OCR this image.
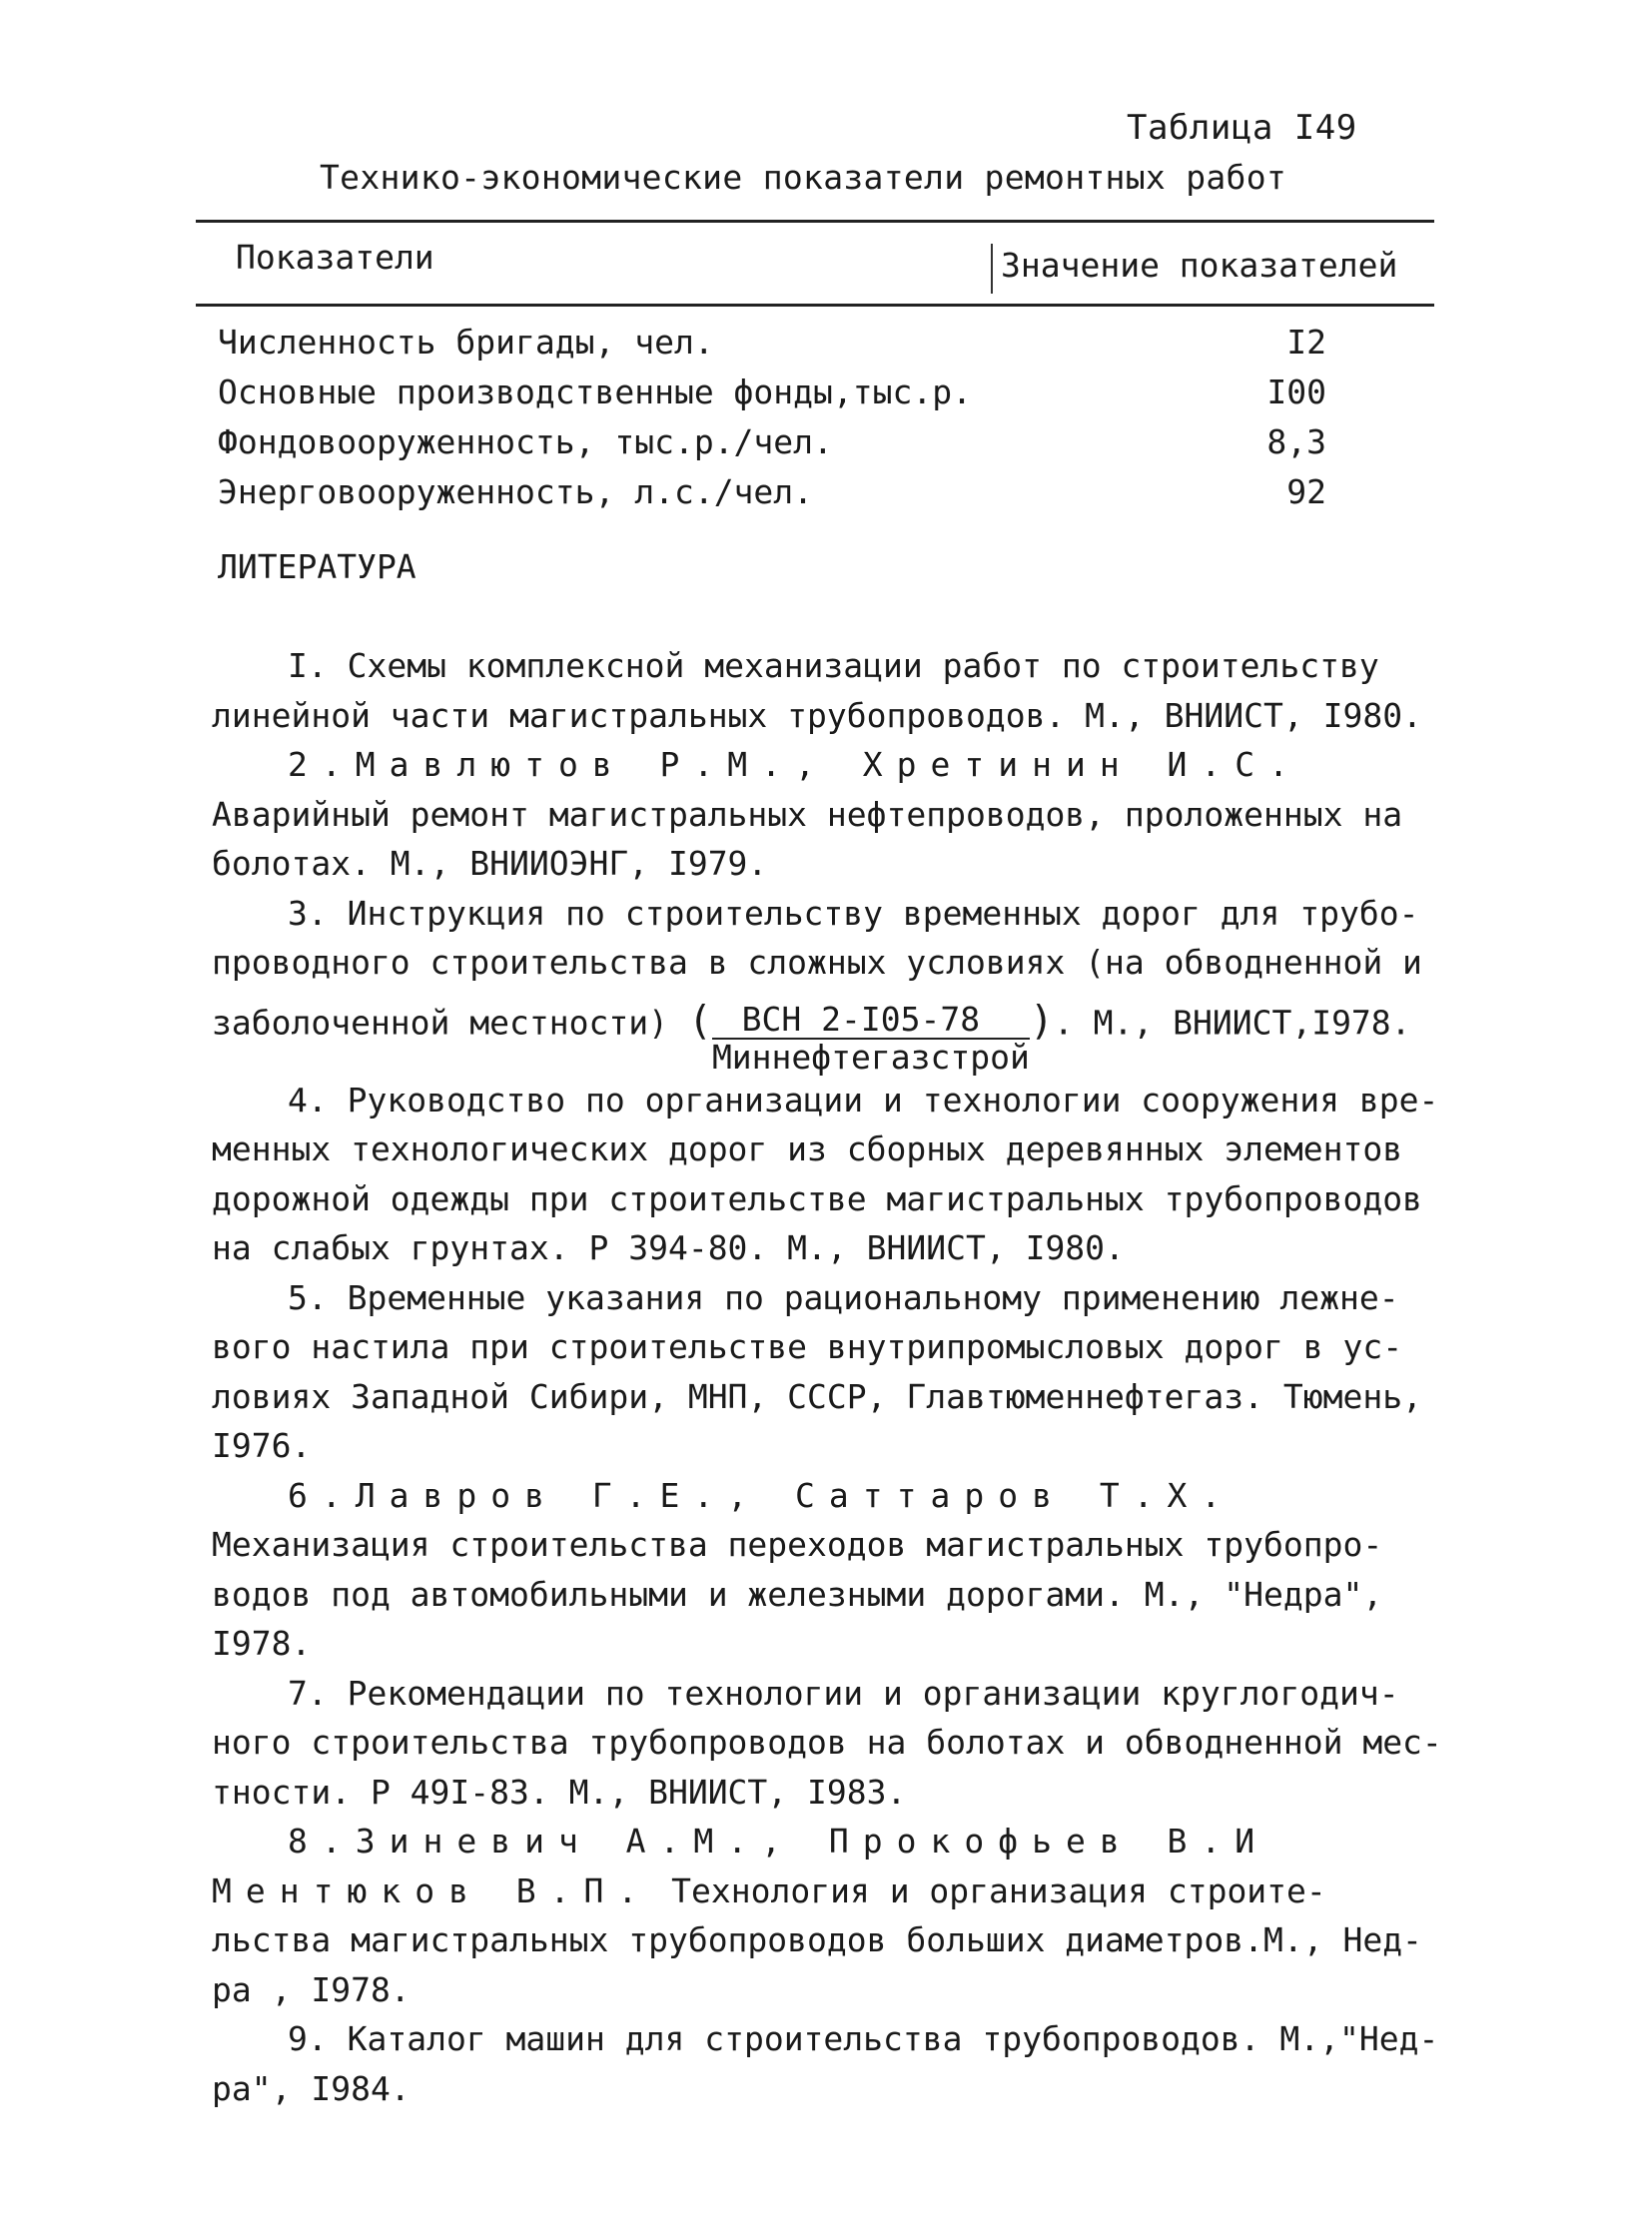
Таблица I49
Технико-экономические показатели ремонтных работ
Показатели	Значение показателей
Численность бригады, чел.	I2
Основные производственные фонды,тыс.р.	I00
Фондовооруженность, тыс.р./чел.	8,3
Энерговооруженность, л.с./чел.	92
ЛИТЕРАТУРА
I. Схемы комплексной механизации работ по строительству
линейной части магистральных трубопроводов. М., ВНИИСТ, I980.
2.Мавлютов Р.М., Хретинин И.С.
Аварийный ремонт магистральных нефтепроводов, проложенных на
болотах. М., ВНИИОЭНГ, I979.
3. Инструкция по строительству временных дорог для трубо-
проводного строительства в сложных условиях (на обводненной и
заболоченной местности) ( $\frac{\text{ВСН 2-I05-78}}{\text{Миннефтегазстрой}}$ ). М., ВНИИСТ,I978.
4. Руководство по организации и технологии сооружения вре-
менных технологических дорог из сборных деревянных элементов
дорожной одежды при строительстве магистральных трубопроводов
на слабых грунтах. Р 394-80. М., ВНИИСТ, I980.
5. Временные указания по рациональному применению лежне-
вого настила при строительстве внутрипромысловых дорог в ус-
ловиях Западной Сибири, МНП, СССР, Главтюменнефтегаз. Тюмень,
I976.
6.Лавров Г.Е., Саттаров Т.Х.
Механизация строительства переходов магистральных трубопро-
водов под автомобильными и железными дорогами. М., "Недра",
I978.
7. Рекомендации по технологии и организации круглогодич-
ного строительства трубопроводов на болотах и обводненной мес-
тности. Р 49I-83. М., ВНИИСТ, I983.
8.Зиневич А.М., Прокофьев В.И
Ментюков В.П. Технология и организация строите-
льства магистральных трубопроводов больших диаметров.М., Нед-
ра , I978.
9. Каталог машин для строительства трубопроводов. М.,"Нед-
ра", I984.
